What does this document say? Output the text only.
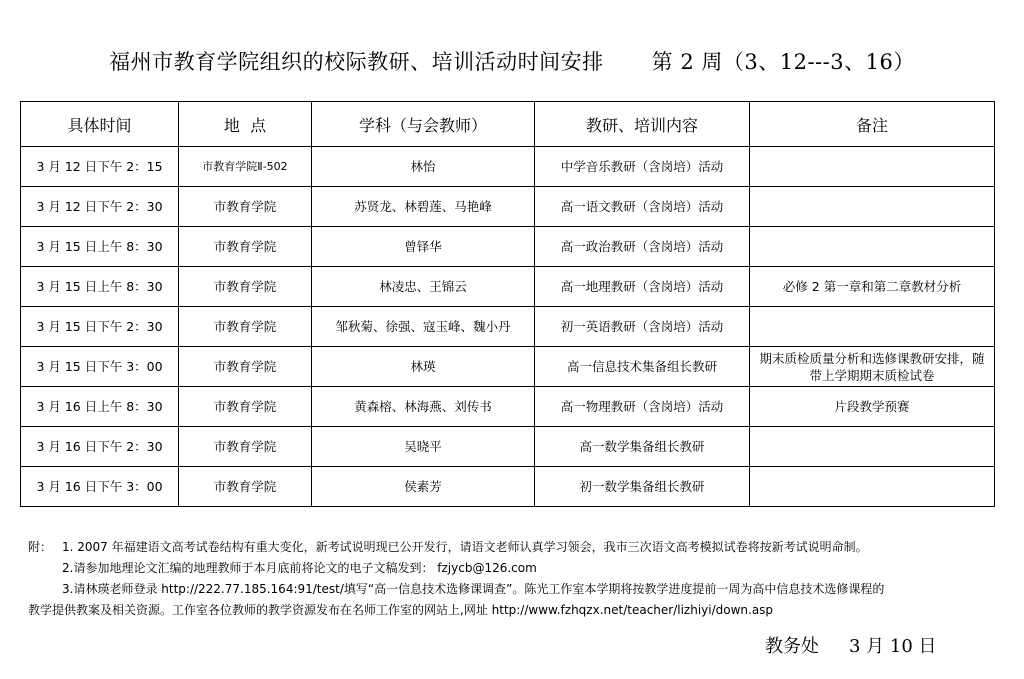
福州市教育学院组织的校际教研、培训活动时间安排 第 2 周（3、12---3、16）
具体时间	地  点	学科（与会教师）	教研、培训内容	备注
3 月 12 日下午 2：15	市教育学院Ⅱ-502	林怡	中学音乐教研（含岗培）活动	
3 月 12 日下午 2：30	市教育学院	苏贤龙、林碧莲、马艳峰	高一语文教研（含岗培）活动	
3 月 15 日上午 8：30	市教育学院	曾铎华	高一政治教研（含岗培）活动	
3 月 15 日上午 8：30	市教育学院	林凌忠、王锦云	高一地理教研（含岗培）活动	必修 2 第一章和第二章教材分析
3 月 15 日下午 2：30	市教育学院	邹秋菊、徐强、寇玉峰、魏小丹	初一英语教研（含岗培）活动	
3 月 15 日下午 3：00	市教育学院	林瑛	高一信息技术集备组长教研	期末质检质量分析和选修课教研安排，随带上学期期末质检试卷
3 月 16 日上午 8：30	市教育学院	黄森榕、林海燕、刘传书	高一物理教研（含岗培）活动	片段教学预赛
3 月 16 日下午 2：30	市教育学院	吴晓平	高一数学集备组长教研	
3 月 16 日下午 3：00	市教育学院	侯素芳	初一数学集备组长教研	
附： 1. 2007 年福建语文高考试卷结构有重大变化，新考试说明现已公开发行，请语文老师认真学习领会，我市三次语文高考模拟试卷将按新考试说明命制。
2.请参加地理论文汇编的地理教师于本月底前将论文的电子文稿发到： fzjycb@126.com
3.请林瑛老师登录 http://222.77.185.164:91/test/填写“高一信息技术选修课调查”。陈光工作室本学期将按教学进度提前一周为高中信息技术选修课程的
教学提供教案及相关资源。工作室各位教师的教学资源发布在名师工作室的网站上,网址 http://www.fzhqzx.net/teacher/lizhiyi/down.asp
教务处 3 月 10 日
